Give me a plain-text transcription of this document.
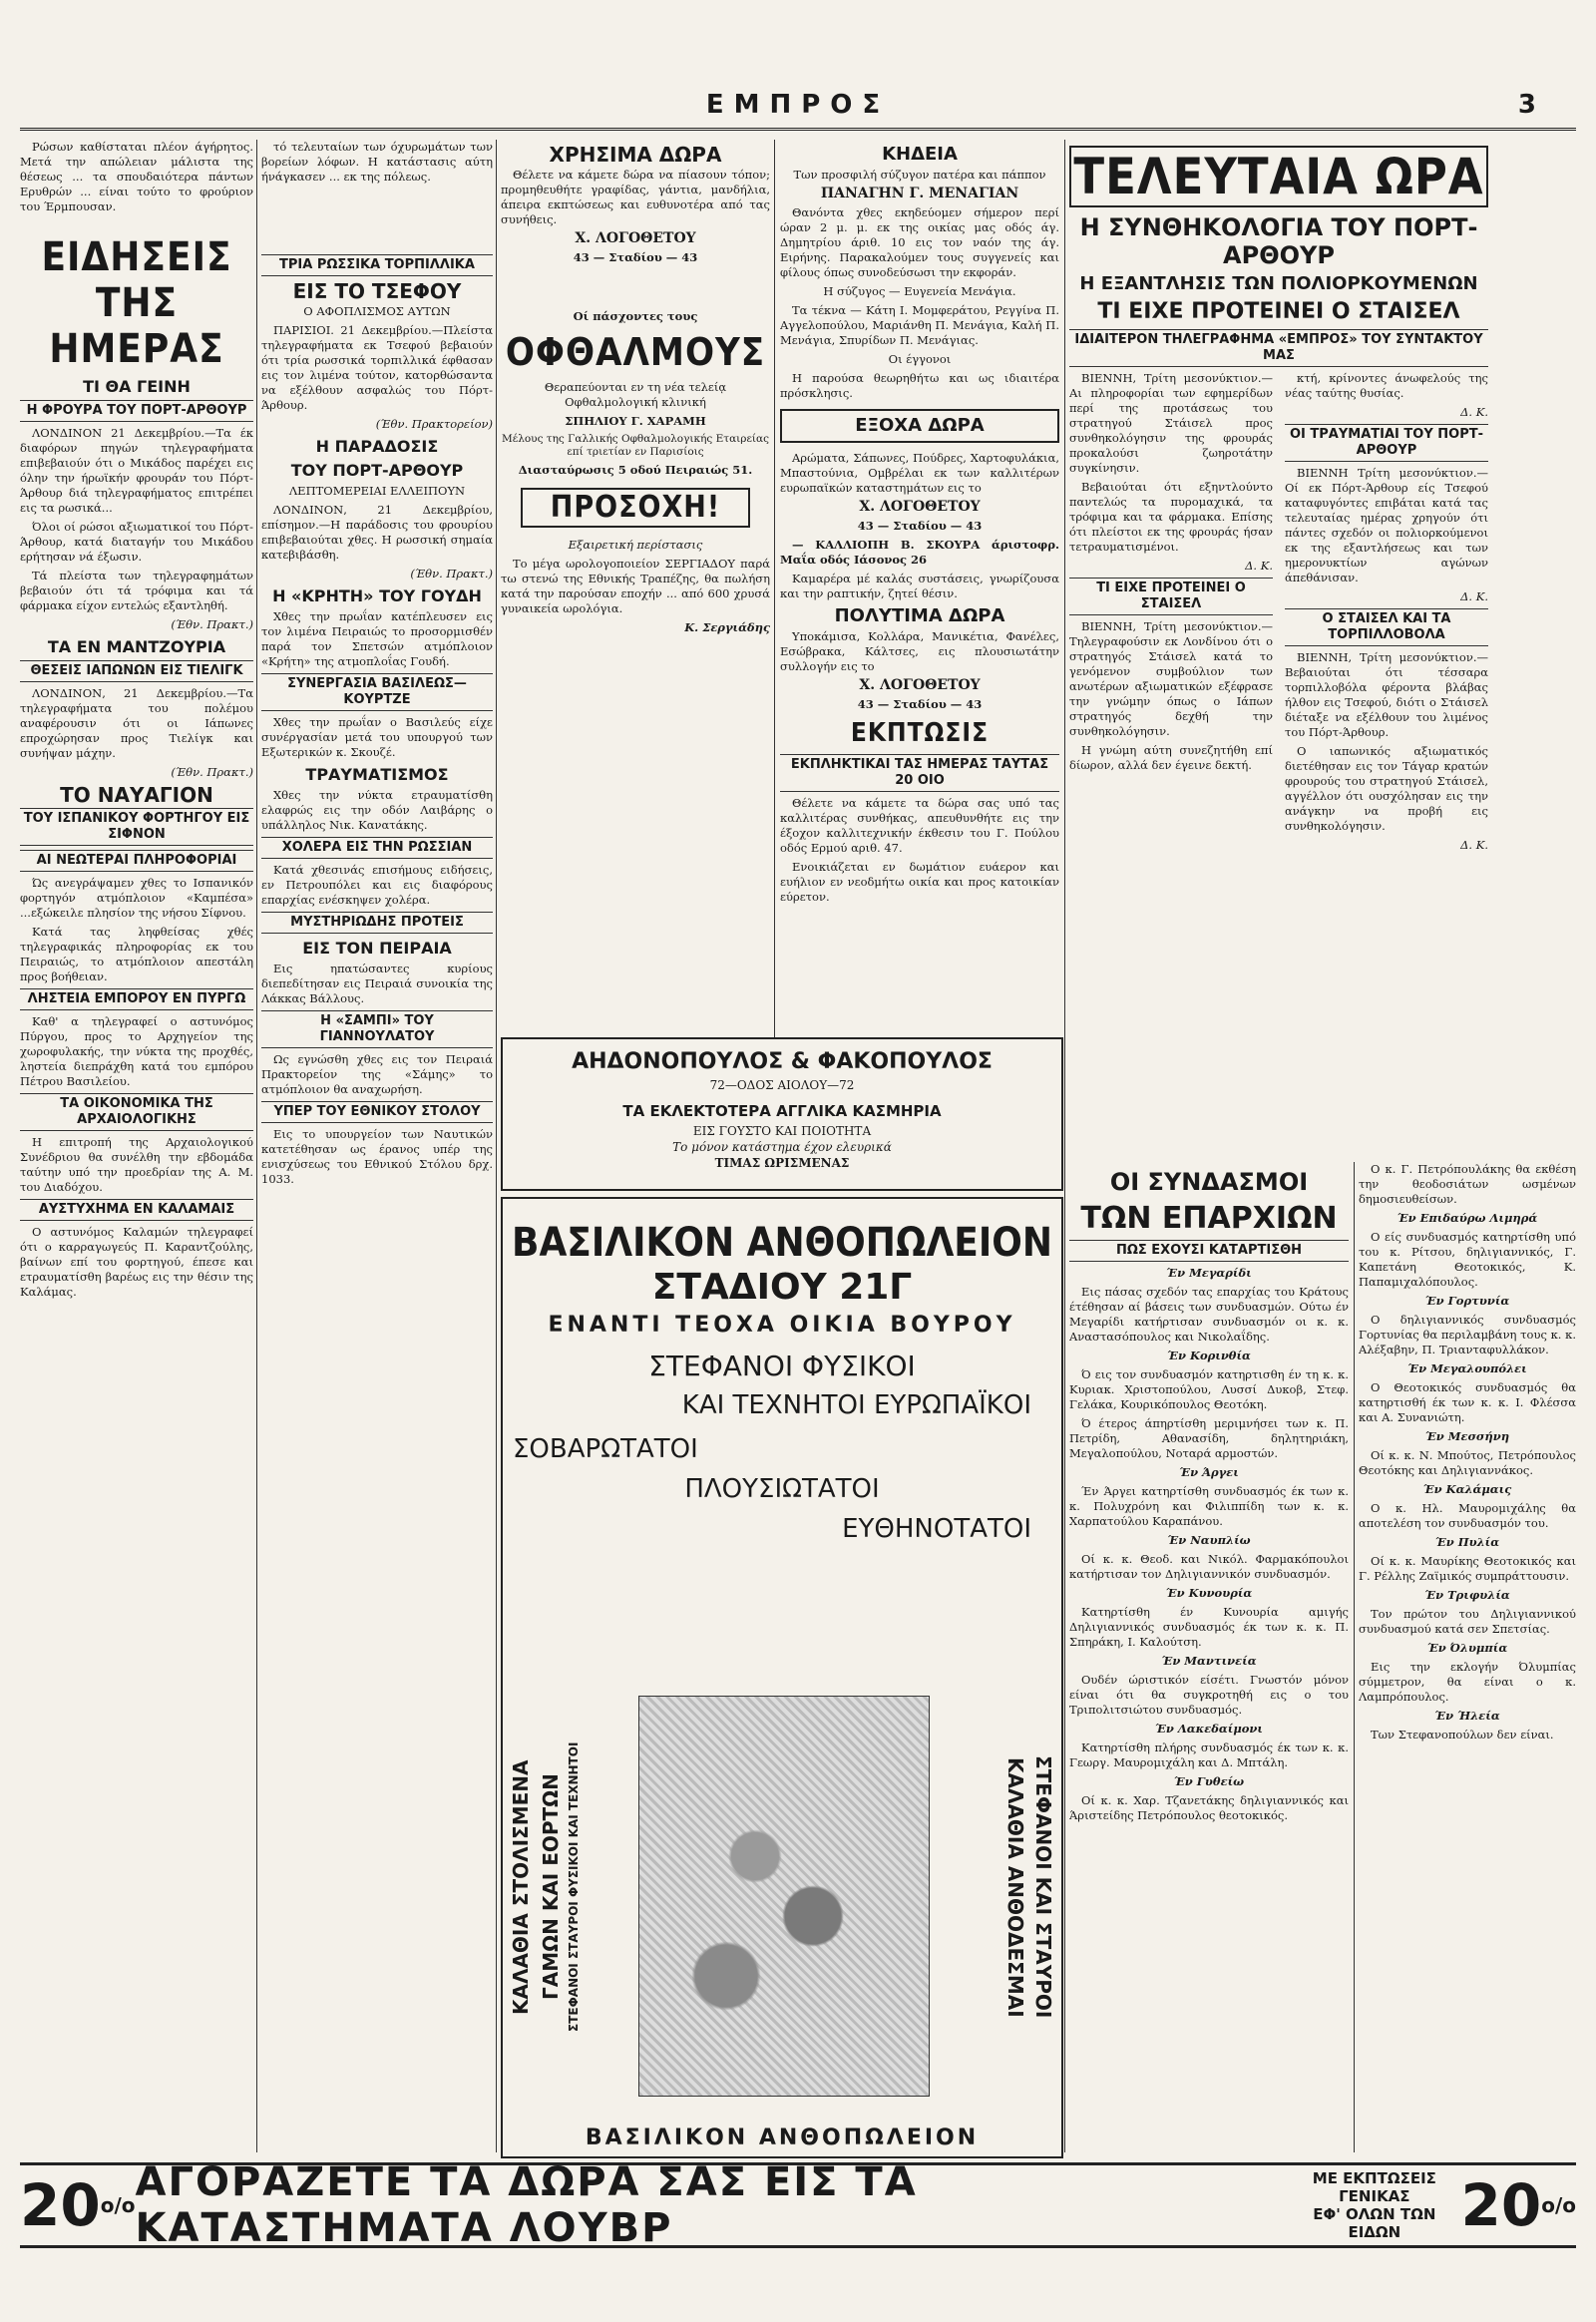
ΕΜΠΡΟΣ	3

Ρώσων καθίσταται πλέον άγήρητος. Μετά την απώλειαν μάλιστα της θέσεως ... τα σπουδαιότερα πάντων Ερυθρών ... είναι τούτο το φρούριον του Έρμπουσαν.

ΕΙΔΗΣΕΙΣ ΤΗΣ ΗΜΕΡΑΣ
ΤΙ ΘΑ ΓΕΙΝΗ
Η ΦΡΟΥΡΑ ΤΟΥ ΠΟΡΤ-ΑΡΘΟΥΡ

ΛΟΝΔΙΝΟΝ 21 Δεκεμβρίου.—Τα έκ διαφόρων πηγών τηλεγραφήματα επιβεβαιούν ότι ο Μικάδος παρέχει εις όλην την ήρωϊκήν φρουράν του Πόρτ-Άρθουρ διά τηλεγραφήματος επιτρέπει εις τα ρωσικά...

Όλοι οί ρώσοι αξιωματικοί του Πόρτ-Άρθουρ, κατά διαταγήν του Μικάδου ερήτησαν νά έξωσιν.

Τά πλείστα των τηλεγραφημάτων βεβαιούν ότι τά τρόφιμα και τά φάρμακα είχον εντελώς εξαντληθή.

(Έθν. Πρακτ.)

ΤΑ ΕΝ ΜΑΝΤΖΟΥΡΙΑ
ΘΕΣΕΙΣ ΙΑΠΩΝΩΝ ΕΙΣ ΤΙΕΛΙΓΚ

ΛΟΝΔΙΝΟΝ, 21 Δεκεμβρίου.—Τα τηλεγραφήματα του πολέμου αναφέρουσιν ότι οι Ιάπωνες επροχώρησαν προς Τιελίγκ και συνήψαν μάχην.

(Έθν. Πρακτ.)

ΤΟ ΝΑΥΑΓΙΟΝ
ΤΟΥ ΙΣΠΑΝΙΚΟΥ ΦΟΡΤΗΓΟΥ ΕΙΣ ΣΙΦΝΟΝ
ΑΙ ΝΕΩΤΕΡΑΙ ΠΛΗΡΟΦΟΡΙΑΙ

Ώς ανεγράψαμεν χθες το Ισπανικόν φορτηγόν ατμόπλοιον «Καμπέσα» ...εξώκειλε πλησίον της νήσου Σίφνου.

Κατά τας ληφθείσας χθές τηλεγραφικάς πληροφορίας εκ του Πειραιώς, το ατμόπλοιον απεστάλη προς βοήθειαν.

ΛΗΣΤΕΙΑ ΕΜΠΟΡΟΥ ΕΝ ΠΥΡΓΩ

Καθ' α τηλεγραφεί ο αστυνόμος Πύργου, προς το Αρχηγείον της χωροφυλακής, την νύκτα της προχθές, ληστεία διεπράχθη κατά του εμπόρου Πέτρου Βασιλείου.

ΤΑ ΟΙΚΟΝΟΜΙΚΑ ΤΗΣ ΑΡΧΑΙΟΛΟΓΙΚΗΣ

Η επιτροπή της Αρχαιολογικού Συνέδριου θα συνέλθη την εβδομάδα ταύτην υπό την προεδρίαν της Α. Μ. του Διαδόχου.

ΑΥΣΤΥΧΗΜΑ ΕΝ ΚΑΛΑΜΑΙΣ

Ο αστυνόμος Καλαμών τηλεγραφεί ότι ο καρραγωγεύς Π. Καραντζούλης, βαίνων επί του φορτηγού, έπεσε και ετραυματίσθη βαρέως εις την θέσιν της Καλάμας.

τό τελευταίων των όχυρωμάτων των βορείων λόφων. Η κατάστασις αύτη ήνάγκασεν ... εκ της πόλεως.

ΤΡΙΑ ΡΩΣΣΙΚΑ ΤΟΡΠΙΛΛΙΚΑ
ΕΙΣ ΤΟ ΤΣΕΦΟΥ

Ο ΑΦΟΠΛΙΣΜΟΣ ΑΥΤΩΝ

ΠΑΡΙΣΙΟΙ. 21 Δεκεμβρίου.—Πλείστα τηλεγραφήματα εκ Τσεφού βεβαιούν ότι τρία ρωσσικά τορπιλλικά έφθασαν εις τον λιμένα τούτον, κατορθώσαντα να εξέλθουν ασφαλώς του Πόρτ-Άρθουρ.

(Έθν. Πρακτορείον)

Η ΠΑΡΑΔΟΣΙΣ
ΤΟΥ ΠΟΡΤ-ΑΡΘΟΥΡ

ΛΕΠΤΟΜΕΡΕΙΑΙ ΕΛΛΕΙΠΟΥΝ

ΛΟΝΔΙΝΟΝ, 21 Δεκεμβρίου, επίσημον.—Η παράδοσις του φρουρίου επιβεβαιούται χθες. Η ρωσσική σημαία κατεβιβάσθη.

(Έθν. Πρακτ.)

Η «ΚΡΗΤΗ» ΤΟΥ ΓΟΥΔΗ

Χθες την πρωΐαν κατέπλευσεν εις τον λιμένα Πειραιώς το προσορμισθέν παρά τον Σπετσών ατμόπλοιον «Κρήτη» της ατμοπλοΐας Γουδή.

ΣΥΝΕΡΓΑΣΙΑ ΒΑΣΙΛΕΩΣ—ΚΟΥΡΤΖΕ

Χθες την πρωΐαν ο Βασιλεύς είχε συνέργασίαν μετά του υπουργού των Εξωτερικών κ. Σκουζέ.

ΤΡΑΥΜΑΤΙΣΜΟΣ

Χθες την νύκτα ετραυματίσθη ελαφρώς εις την οδόν Λαιβάρης ο υπάλληλος Νικ. Κανατάκης.

ΧΟΛΕΡΑ ΕΙΣ ΤΗΝ ΡΩΣΣΙΑΝ

Κατά χθεσινάς επισήμους ειδήσεις, εν Πετρουπόλει και εις διαφόρους επαρχίας ενέσκηψεν χολέρα.

ΜΥΣΤΗΡΙΩΔΗΣ ΠΡΟΤΕΙΣ
ΕΙΣ ΤΟΝ ΠΕΙΡΑΙΑ

Εις ηπατώσαντες κυρίους διεπεδίτησαν εις Πειραιά συνοικία της Λάκκας Βάλλους.

Η «ΣΑΜΠΙ» ΤΟΥ ΓΙΑΝΝΟΥΛΑΤΟΥ

Ως εγνώσθη χθες εις τον Πειραιά Πρακτορείον της «Σάμης» το ατμόπλοιον θα αναχωρήση.

ΥΠΕΡ ΤΟΥ ΕΘΝΙΚΟΥ ΣΤΟΛΟΥ

Εις το υπουργείον των Ναυτικών κατετέθησαν ως έρανος υπέρ της ενισχύσεως του Εθνικού Στόλου δρχ. 1033.

ΧΡΗΣΙΜΑ ΔΩΡΑ

Θέλετε να κάμετε δώρα να πίασουν τόπον; προμηθευθήτε γραφίδας, γάντια, μανδήλια, άπειρα εκπτώσεως και ευθυνοτέρα από τας συνήθεις.

Χ. ΛΟΓΟΘΕΤΟΥ

43 — Σταδίου — 43

Οί πάσχοντες τους

ΟΦΘΑΛΜΟΥΣ

Θεραπεύονται εν τη νέα τελείᾳ Οφθαλμολογική κλινική

ΣΠΗΛΙΟΥ Γ. ΧΑΡΑΜΗ

Μέλους της Γαλλικής Οφθαλμολογικής Εταιρείας επί τριετίαν εν Παρισίοις

Διασταύρωσις 5 οδού Πειραιώς 51.

ΠΡΟΣΟΧΗ!

Εξαιρετική περίστασις

Το μέγα ωρολογοποιείον ΣΕΡΓΙΑΔΟΥ παρά τω στενώ της Εθνικής Τραπέζης, θα πωλήση κατά την παρούσαν εποχήν ... από 600 χρυσά γυναικεία ωρολόγια.

Κ. Σεργιάδης

ΚΗΔΕΙΑ

Των προσφιλή σύζυγον πατέρα και πάππον

ΠΑΝΑΓΗΝ Γ. ΜΕΝΑΓΙΑΝ

Θανόντα χθες εκηδεύομεν σήμερον περί ώραν 2 μ. μ. εκ της οικίας μας οδός άγ. Δημητρίου άριθ. 10 εις τον ναόν της άγ. Ειρήνης. Παρακαλούμεν τους συγγενείς και φίλους όπως συνοδεύσωσι την εκφοράν.

Η σύζυγος — Ευγενεία Μενάγια.

Τα τέκνα — Κάτη Ι. Μομφεράτου, Ρεγγίνα Π. Αγγελοπούλου, Μαριάνθη Π. Μενάγια, Καλή Π. Μενάγια, Σπυρίδων Π. Μενάγιας.

Οι έγγονοι

Η παρούσα θεωρηθήτω και ως ιδιαιτέρα πρόσκλησις.

ΕΞΟΧΑ ΔΩΡΑ

Αρώματα, Σάπωνες, Πούδρες, Χαρτοφυλάκια, Μπαστούνια, Ομβρέλαι εκ των καλλιτέρων ευρωπαϊκών καταστημάτων εις το

Χ. ΛΟΓΟΘΕΤΟΥ

43 — Σταδίου — 43

— ΚΑΛΛΙΟΠΗ Β. ΣΚΟΥΡΑ άριστοφρ. Μαΐα οδός Ιάσονος 26

Καμαρέρα μέ καλάς συστάσεις, γνωρίζουσα και την ραπτικήν, ζητεί θέσιν.

ΠΟΛΥΤΙΜΑ ΔΩΡΑ

Υποκάμισα, Κολλάρα, Μανικέτια, Φανέλες, Εσώβρακα, Κάλτσες, εις πλουσιωτάτην συλλογήν εις το

Χ. ΛΟΓΟΘΕΤΟΥ

43 — Σταδίου — 43

ΕΚΠΤΩΣΙΣ
ΕΚΠΛΗΚΤΙΚΑΙ ΤΑΣ ΗΜΕΡΑΣ ΤΑΥΤΑΣ 20 ΟΙΟ

Θέλετε να κάμετε τα δώρα σας υπό τας καλλιτέρας συνθήκας, απευθυνθήτε εις την έξοχον καλλιτεχνικήν έκθεσιν του Γ. Πούλου οδός Ερμού αριθ. 47.

Ενοικιάζεται εν δωμάτιον ευάερον και ευήλιον εν νεοδμήτω οικία και προς κατοικίαν εύρετον.

ΤΕΛΕΥΤΑΙΑ ΩΡΑ
Η ΣΥΝΘΗΚΟΛΟΓΙΑ ΤΟΥ ΠΟΡΤ-ΑΡΘΟΥΡ
Η ΕΞΑΝΤΛΗΣΙΣ ΤΩΝ ΠΟΛΙΟΡΚΟΥΜΕΝΩΝ
ΤΙ ΕΙΧΕ ΠΡΟΤΕΙΝΕΙ Ο ΣΤΑΙΣΕΛ
ΙΔΙΑΙΤΕΡΟΝ ΤΗΛΕΓΡΑΦΗΜΑ «ΕΜΠΡΟΣ» ΤΟΥ ΣΥΝΤΑΚΤΟΥ ΜΑΣ

ΒΙΕΝΝΗ, Τρίτη μεσονύκτιον.—Αι πληροφορίαι των εφημερίδων περί της προτάσεως του στρατηγού Στάισελ προς συνθηκολόγησιν της φρουράς προκαλούσι ζωηροτάτην συγκίνησιν.

Βεβαιούται ότι εξηντλούντο παντελώς τα πυρομαχικά, τα τρόφιμα και τα φάρμακα. Επίσης ότι πλείστοι εκ της φρουράς ήσαν τετραυματισμένοι.

Δ. Κ.

ΤΙ ΕΙΧΕ ΠΡΟΤΕΙΝΕΙ Ο ΣΤΑΙΣΕΛ

ΒΙΕΝΝΗ, Τρίτη μεσονύκτιον.—Τηλεγραφούσιν εκ Λονδίνου ότι ο στρατηγός Στάισελ κατά το γενόμενον συμβούλιον των ανωτέρων αξιωματικών εξέφρασε την γνώμην όπως ο Ιάπων στρατηγός δεχθή την συνθηκολόγησιν.

Η γνώμη αύτη συνεζητήθη επί δίωρον, αλλά δεν έγεινε δεκτή.

κτή, κρίνοντες άνωφελούς της νέας ταύτης θυσίας.

Δ. Κ.

ΟΙ ΤΡΑΥΜΑΤΙΑΙ ΤΟΥ ΠΟΡΤ-ΑΡΘΟΥΡ

ΒΙΕΝΝΗ Τρίτη μεσονύκτιον.—Οί εκ Πόρτ-Άρθουρ είς Τσεφού καταφυγόντες επιβάται κατά τας τελευταίας ημέρας χρηγούν ότι πάντες σχεδόν οι πολιορκούμενοι εκ της εξαντλήσεως και των ημερονυκτίων αγώνων άπεθάνισαν.

Δ. Κ.

Ο ΣΤΑΙΣΕΛ ΚΑΙ ΤΑ ΤΟΡΠΙΛΛΟΒΟΛΑ

ΒΙΕΝΝΗ, Τρίτη μεσονύκτιον.—Βεβαιούται ότι τέσσαρα τορπιλλοβόλα φέροντα βλάβας ήλθον εις Τσεφού, διότι ο Στάισελ διέταξε να εξέλθουν του λιμένος του Πόρτ-Άρθουρ.

Ο ιαπωνικός αξιωματικός διετέθησαν εις τον Τάγαρ κρατών φρουρούς του στρατηγού Στάισελ, αγγέλλον ότι ουσχόλησαν εις την ανάγκην να προβή εις συνθηκολόγησιν.

Δ. Κ.

ΟΙ ΣΥΝΔΑΣΜΟΙ
ΤΩΝ ΕΠΑΡΧΙΩΝ
ΠΩΣ ΕΧΟΥΣΙ ΚΑΤΑΡΤΙΣΘΗ

Έν Μεγαρίδι

Εις πάσας σχεδόν τας επαρχίας του Κράτους έτέθησαν αί βάσεις των συνδυασμών. Ούτω έν Μεγαρίδι κατήρτισαν συνδυασμόν οι κ. κ. Αναστασόπουλος και Νικολαΐδης.

Έν Κορινθία

Ό εις τον συνδυασμόν κατηρτισθη έν τη κ. κ. Κυριακ. Χριστοπούλου, Λυσσί Δυκοβ, Στεφ. Γελάκα, Κουρικόπουλος Θεοτόκη.

Ό έτερος άπηρτίσθη μεριμνήσει των κ. Π. Πετρίδη, Αθανασίδη, δηλητηριάκη, Μεγαλοπούλου, Νοταρά αρμοστών.

Έν Άργει

Έν Άργει κατηρτίσθη συνδυασμός έκ των κ. κ. Πολυχρόνη και Φιλιππίδη των κ. κ. Χαρπατούλου Καραπάνου.

Έν Ναυπλίω

Οί κ. κ. Θεοδ. και Νικόλ. Φαρμακόπουλοι κατήρτισαν τον Δηλιγιαννικόν συνδυασμόν.

Έν Κυνουρία

Κατηρτίσθη έν Κυνουρία αμιγής Δηλιγιαννικός συνδυασμός έκ των κ. κ. Π. Σπηράκη, Ι. Καλούτση.

Έν Μαντινεία

Ουδέν ώριστικόν είσέτι. Γνωστόν μόνον είναι ότι θα συγκροτηθή εις ο του Τριπολιτσιώτου συνδυασμός.

Έν Λακεδαίμονι

Κατηρτίσθη πλήρης συνδυασμός έκ των κ. κ. Γεωργ. Μαυρομιχάλη και Δ. Μπτάλη.

Έν Γυθείω

Οί κ. κ. Χαρ. Τζανετάκης δηλιγιαννικός και Άριστείδης Πετρόπουλος θεοτοκικός.

Ο κ. Γ. Πετρόπουλάκης θα εκθέση την θεοδοσιάτων ωσμένων δημοσιευθείσων.

Έν Επιδαύρω Λιμηρά

Ο είς συνδυασμός κατηρτίσθη υπό του κ. Ρίτσου, δηλιγιαννικός, Γ. Καπετάνη Θεοτοκικός, Κ. Παπαμιχαλόπουλος.

Έν Γορτυνία

Ο δηλιγιαννικός συνδυασμός Γορτυνίας θα περιλαμβάνη τους κ. κ. Αλέξαβην, Π. Τριανταφυλλάκον.

Έν Μεγαλουπόλει

Ο Θεοτοκικός συνδυασμός θα κατηρτισθή έκ των κ. κ. Ι. Φλέσσα και Α. Συνανιώτη.

Έν Μεσσήνη

Οί κ. κ. Ν. Μπούτος, Πετρόπουλος Θεοτόκης και Δηλιγιαννάκος.

Έν Καλάμαις

Ο κ. Ηλ. Μαυρομιχάλης θα αποτελέση τον συνδυασμόν του.

Έν Πυλία

Οί κ. κ. Μαυρίκης Θεοτοκικός και Γ. Ρέλλης Ζαϊμικός συμπράττουσιν.

Έν Τριφυλία

Τον πρώτον του Δηλιγιαννικού συνδυασμού κατά σεν Σπετσίας.

Έν Όλυμπία

Εις την εκλογήν Όλυμπίας σύμμετρον, θα είναι ο κ. Λαμπρόπουλος.

Έν Ήλεία

Των Στεφανοπούλων δεν είναι.

ΑΗΔΟΝΟΠΟΥΛΟΣ & ΦΑΚΟΠΟΥΛΟΣ
72—ΟΔΟΣ ΑΙΟΛΟΥ—72
ΤΑ ΕΚΛΕΚΤΟΤΕΡΑ ΑΓΓΛΙΚΑ ΚΑΣΜΗΡΙΑ
ΕΙΣ ΓΟΥΣΤΟ ΚΑΙ ΠΟΙΟΤΗΤΑ
Το μόνον κατάστημα έχον ελευρικά
ΤΙΜΑΣ ΩΡΙΣΜΕΝΑΣ
ΒΑΣΙΛΙΚΟΝ ΑΝΘΟΠΩΛΕΙΟΝ
ΣΤΑΔΙΟΥ 21Γ
ΕΝΑΝΤΙ ΤΕΟΧΑ ΟΙΚΙΑ ΒΟΥΡΟΥ
ΣΤΕΦΑΝΟΙ ΦΥΣΙΚΟΙ
ΚΑΙ ΤΕΧΝΗΤΟΙ ΕΥΡΩΠΑΪΚΟΙ
ΣΟΒΑΡΩΤΑΤΟΙ
ΠΛΟΥΣΙΩΤΑΤΟΙ
ΕΥΘΗΝΟΤΑΤΟΙ
ΚΑΛΑΘΙΑ ΣΤΟΛΙΣΜΕΝΑ ΓΑΜΩΝ ΚΑΙ ΕΟΡΤΩΝ ΣΤΕΦΑΝΟΙ ΣΤΑΥΡΟΙ ΦΥΣΙΚΟΙ ΚΑΙ ΤΕΧΝΗΤΟΙ	ΚΑΛΑΘΙΑ ΑΝΘΟΔΕΣΜΑΙ ΣΤΕΦΑΝΟΙ ΚΑΙ ΣΤΑΥΡΟΙ
ΒΑΣΙΛΙΚΟΝ ΑΝΘΟΠΩΛΕΙΟΝ
20 o/o ΑΓΟΡΑΖΕΤΕ ΤΑ ΔΩΡΑ ΣΑΣ ΕΙΣ ΤΑ ΚΑΤΑΣΤΗΜΑΤΑ ΛΟΥΒΡ
ΜΕ ΕΚΠΤΩΣΕΙΣ ΓΕΝΙΚΑΣ
ΕΦ' ΟΛΩΝ ΤΩΝ ΕΙΔΩΝ	20 o/o
